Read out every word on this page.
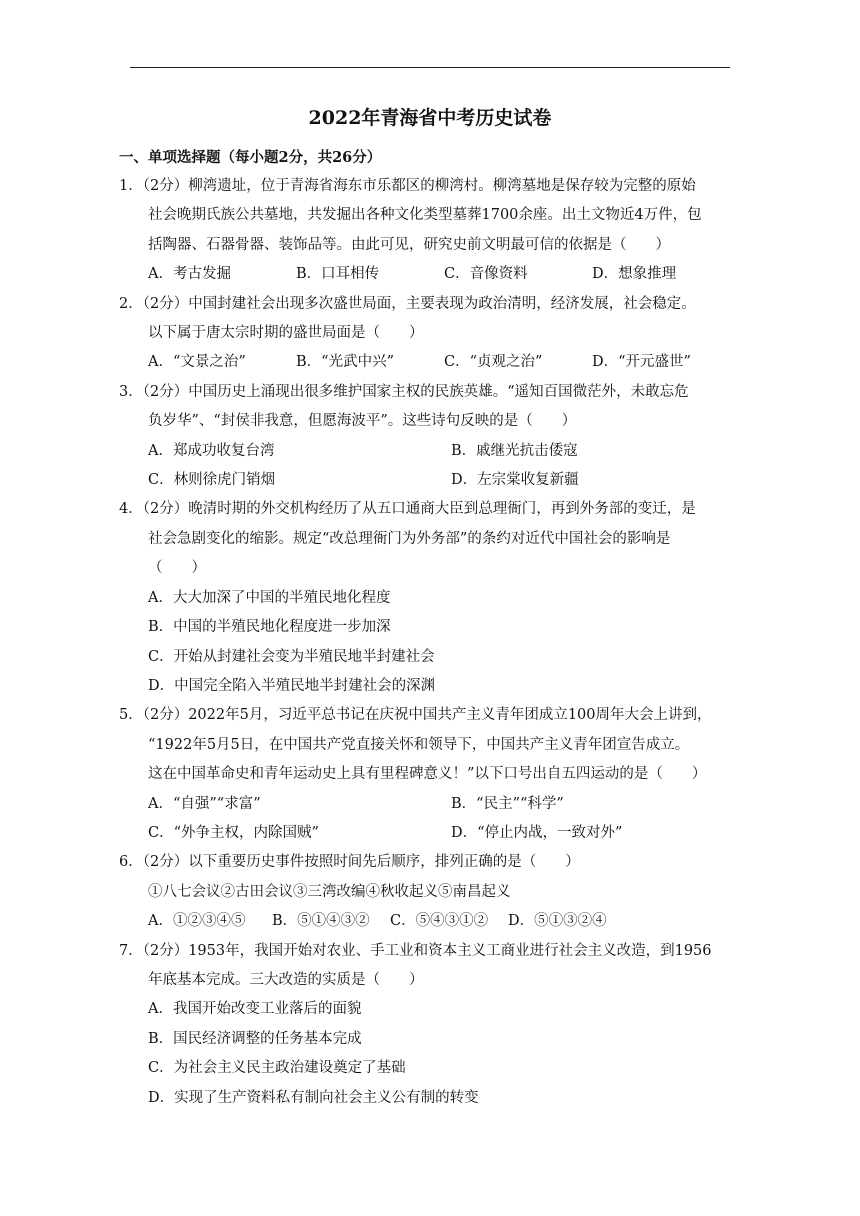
2022年青海省中考历史试卷
一、单项选择题（每小题2分，共26分）
1．（2分）柳湾遗址，位于青海省海东市乐都区的柳湾村。柳湾墓地是保存较为完整的原始
社会晚期氏族公共墓地，共发掘出各种文化类型墓葬1700余座。出土文物近4万件，包
括陶器、石器骨器、装饰品等。由此可见，研究史前文明最可信的依据是（　　）
A．考古发掘	B．口耳相传	C．音像资料	D．想象推理
2．（2分）中国封建社会出现多次盛世局面，主要表现为政治清明，经济发展，社会稳定。
以下属于唐太宗时期的盛世局面是（　　）
A．“文景之治”	B．“光武中兴”	C．“贞观之治”	D．“开元盛世”
3．（2分）中国历史上涌现出很多维护国家主权的民族英雄。“遥知百国微茫外，未敢忘危
负岁华”、“封侯非我意，但愿海波平”。这些诗句反映的是（　　）
A．郑成功收复台湾	B．戚继光抗击倭寇
C．林则徐虎门销烟	D．左宗棠收复新疆
4．（2分）晚清时期的外交机构经历了从五口通商大臣到总理衙门，再到外务部的变迁，是
社会急剧变化的缩影。规定“改总理衙门为外务部”的条约对近代中国社会的影响是
（　　）
A．大大加深了中国的半殖民地化程度
B．中国的半殖民地化程度进一步加深
C．开始从封建社会变为半殖民地半封建社会
D．中国完全陷入半殖民地半封建社会的深渊
5．（2分）2022年5月，习近平总书记在庆祝中国共产主义青年团成立100周年大会上讲到，
“1922年5月5日，在中国共产党直接关怀和领导下，中国共产主义青年团宣告成立。
这在中国革命史和青年运动史上具有里程碑意义！”以下口号出自五四运动的是（　　）
A．“自强”“求富”	B．“民主”“科学”
C．“外争主权，内除国贼”	D．“停止内战，一致对外”
6．（2分）以下重要历史事件按照时间先后顺序，排列正确的是（　　）
①八七会议②古田会议③三湾改编④秋收起义⑤南昌起义
A．①②③④⑤	B．⑤①④③②	C．⑤④③①②	D．⑤①③②④
7．（2分）1953年，我国开始对农业、手工业和资本主义工商业进行社会主义改造，到1956
年底基本完成。三大改造的实质是（　　）
A．我国开始改变工业落后的面貌
B．国民经济调整的任务基本完成
C．为社会主义民主政治建设奠定了基础
D．实现了生产资料私有制向社会主义公有制的转变
